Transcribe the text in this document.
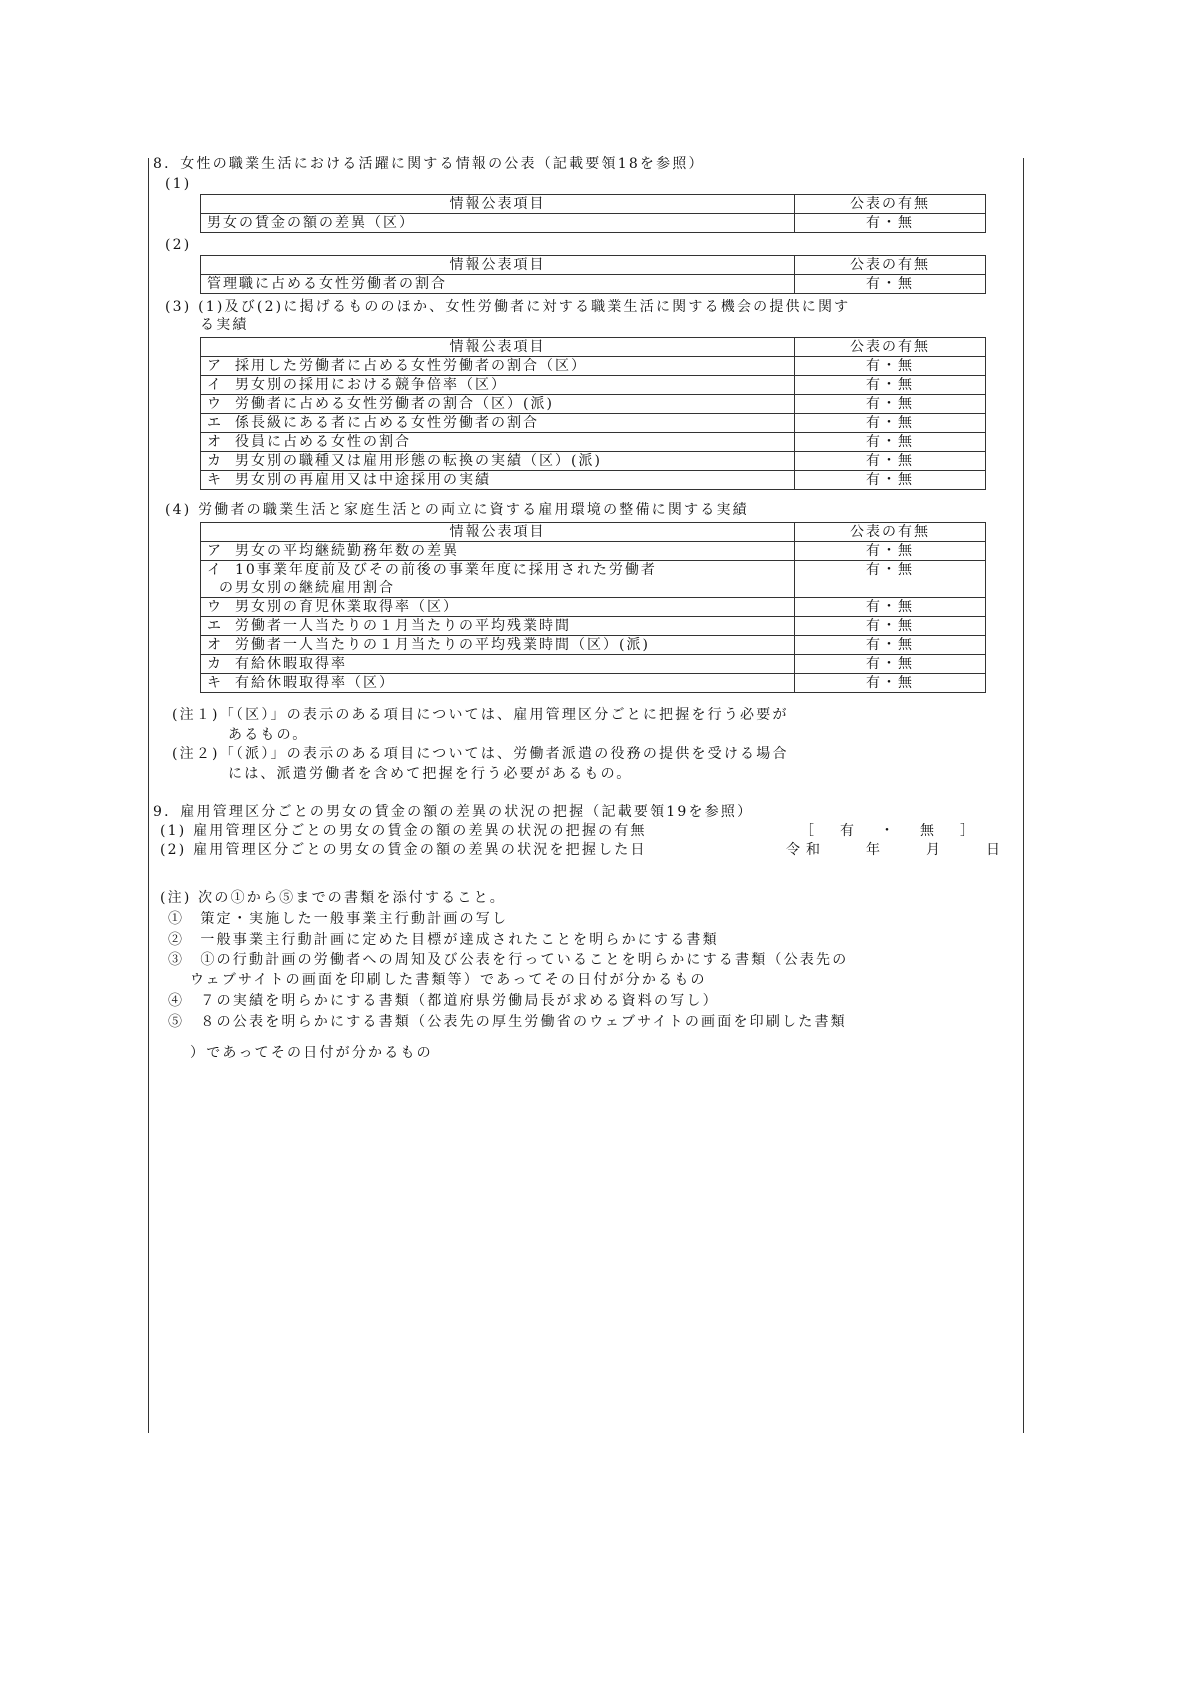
8．女性の職業生活における活躍に関する情報の公表（記載要領18を参照）
(1)
情報公表項目	公表の有無
男女の賃金の額の差異（区）	有・無
(2)
情報公表項目	公表の有無
管理職に占める女性労働者の割合	有・無
(3) (1)及び(2)に掲げるもののほか、女性労働者に対する職業生活に関する機会の提供に関す
る実績
情報公表項目	公表の有無
ア 採用した労働者に占める女性労働者の割合（区）	有・無
イ 男女別の採用における競争倍率（区）	有・無
ウ 労働者に占める女性労働者の割合（区）(派)	有・無
エ 係長級にある者に占める女性労働者の割合	有・無
オ 役員に占める女性の割合	有・無
カ 男女別の職種又は雇用形態の転換の実績（区）(派)	有・無
キ 男女別の再雇用又は中途採用の実績	有・無
(4) 労働者の職業生活と家庭生活との両立に資する雇用環境の整備に関する実績
情報公表項目	公表の有無
ア 男女の平均継続勤務年数の差異	有・無
イ 10事業年度前及びその前後の事業年度に採用された労働者
の男女別の継続雇用割合	有・無
ウ 男女別の育児休業取得率（区）	有・無
エ 労働者一人当たりの１月当たりの平均残業時間	有・無
オ 労働者一人当たりの１月当たりの平均残業時間（区）(派)	有・無
カ 有給休暇取得率	有・無
キ 有給休暇取得率（区）	有・無
(注１)「（区）」の表示のある項目については、雇用管理区分ごとに把握を行う必要が
あるもの。
(注２)「（派）」の表示のある項目については、労働者派遣の役務の提供を受ける場合
には、派遣労働者を含めて把握を行う必要があるもの。
9．雇用管理区分ごとの男女の賃金の額の差異の状況の把握（記載要領19を参照）
(1) 雇用管理区分ごとの男女の賃金の額の差異の状況の把握の有無	［　有　・　無　］
(2) 雇用管理区分ごとの男女の賃金の額の差異の状況を把握した日	令和　　年　　月　　日
(注) 次の①から⑤までの書類を添付すること。
①　策定・実施した一般事業主行動計画の写し
②　一般事業主行動計画に定めた目標が達成されたことを明らかにする書類
③　①の行動計画の労働者への周知及び公表を行っていることを明らかにする書類（公表先の
ウェブサイトの画面を印刷した書類等）であってその日付が分かるもの
④　７の実績を明らかにする書類（都道府県労働局長が求める資料の写し）
⑤　８の公表を明らかにする書類（公表先の厚生労働省のウェブサイトの画面を印刷した書類
）であってその日付が分かるもの
